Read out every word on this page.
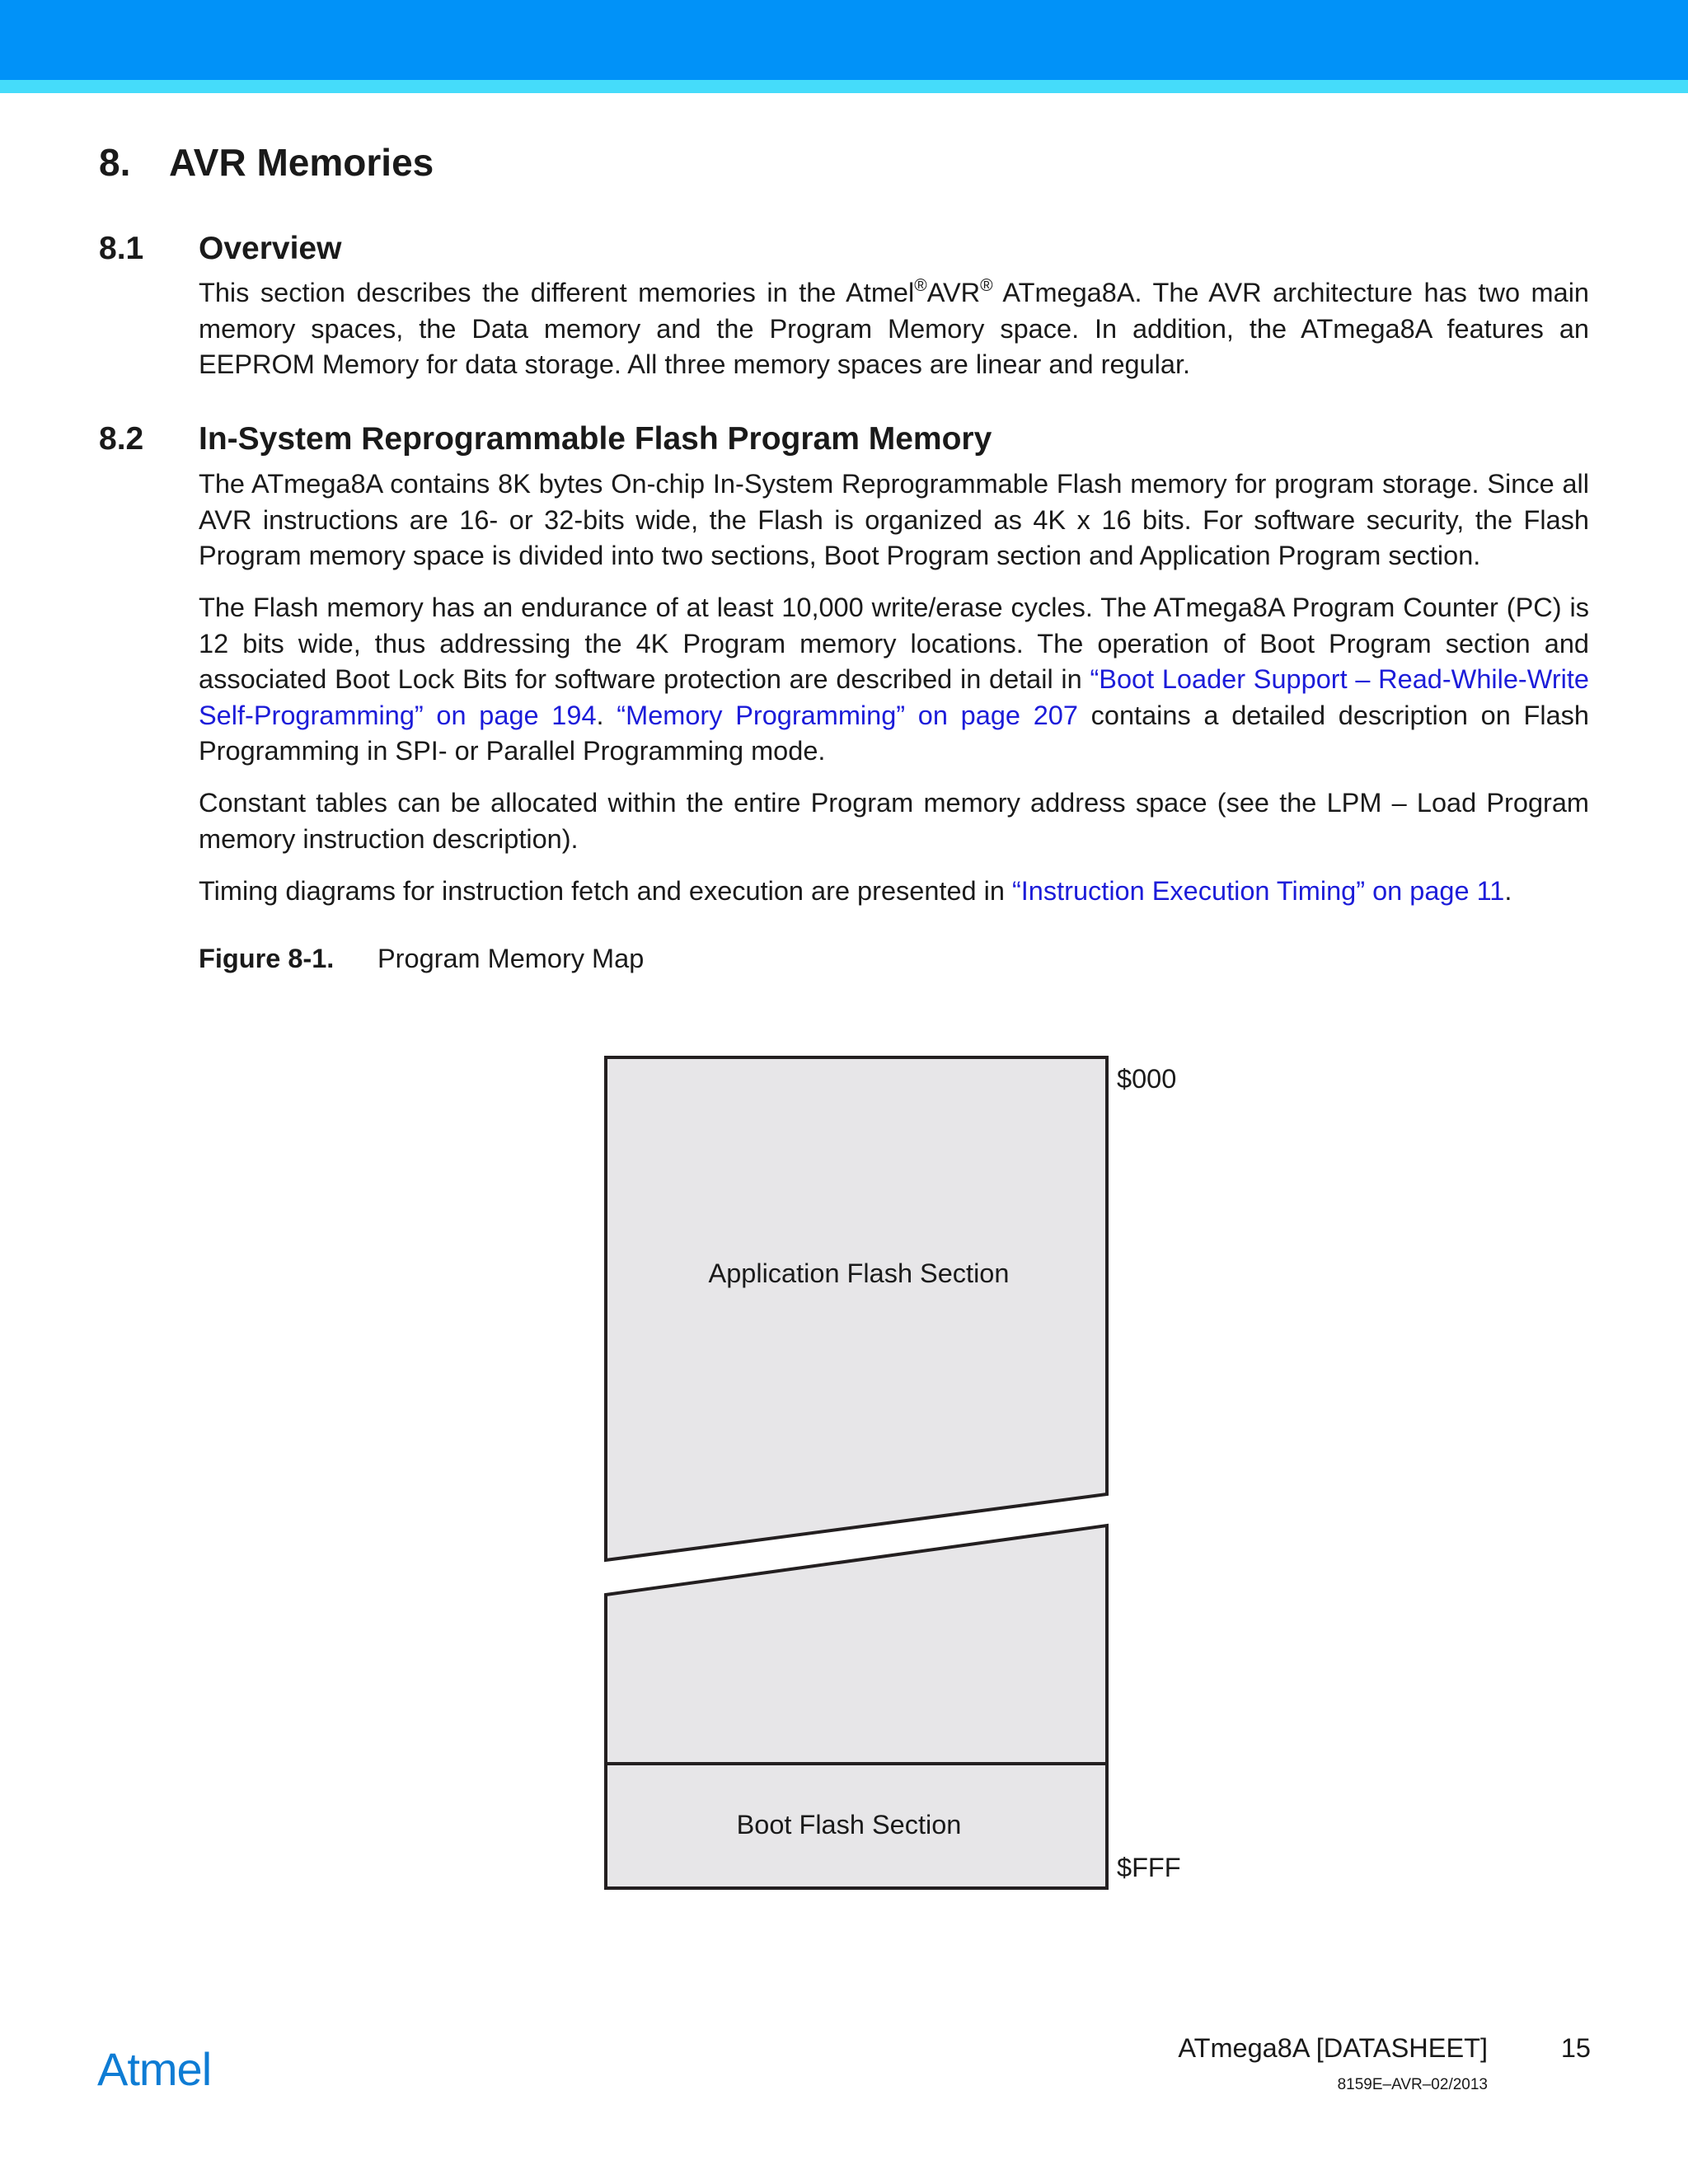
8. AVR Memories
8.1 Overview

This section describes the different memories in the Atmel®AVR® ATmega8A. The AVR architecture has two main memory spaces, the Data memory and the Program Memory space. In addition, the ATmega8A features an EEPROM Memory for data storage. All three memory spaces are linear and regular.

8.2 In-System Reprogrammable Flash Program Memory

The ATmega8A contains 8K bytes On-chip In-System Reprogrammable Flash memory for program storage. Since all AVR instructions are 16- or 32-bits wide, the Flash is organized as 4K x 16 bits. For software security, the Flash Program memory space is divided into two sections, Boot Program section and Application Program section.

The Flash memory has an endurance of at least 10,000 write/erase cycles. The ATmega8A Program Counter (PC) is 12 bits wide, thus addressing the 4K Program memory locations. The operation of Boot Program section and associated Boot Lock Bits for software protection are described in detail in “Boot Loader Support – Read-While-Write Self-Programming” on page 194. “Memory Programming” on page 207 contains a detailed description on Flash Programming in SPI- or Parallel Programming mode.

Constant tables can be allocated within the entire Program memory address space (see the LPM – Load Program memory instruction description).

Timing diagrams for instruction fetch and execution are presented in “Instruction Execution Timing” on page 11.

Figure 8-1. Program Memory Map

Application Flash Section
Boot Flash Section
$000
$FFF
Atmel	ATmega8A [DATASHEET]	15
8159E–AVR–02/2013
